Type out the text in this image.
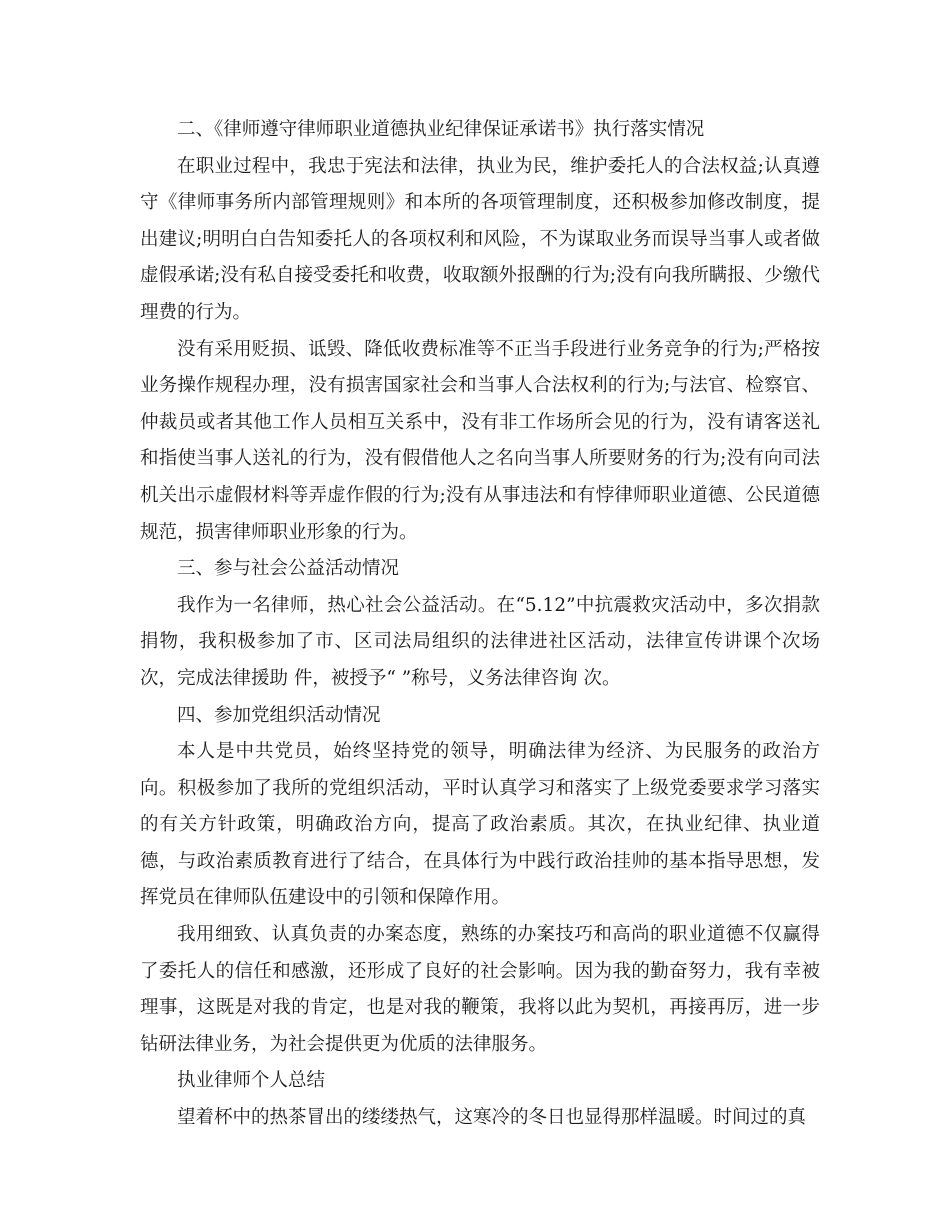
二、《律师遵守律师职业道德执业纪律保证承诺书》执行落实情况

在职业过程中，我忠于宪法和法律，执业为民，维护委托人的合法权益;认真遵守《律师事务所内部管理规则》和本所的各项管理制度，还积极参加修改制度，提出建议;明明白白告知委托人的各项权利和风险，不为谋取业务而误导当事人或者做虚假承诺;没有私自接受委托和收费，收取额外报酬的行为;没有向我所瞒报、少缴代理费的行为。

没有采用贬损、诋毁、降低收费标准等不正当手段进行业务竞争的行为;严格按业务操作规程办理，没有损害国家社会和当事人合法权利的行为;与法官、检察官、仲裁员或者其他工作人员相互关系中，没有非工作场所会见的行为，没有请客送礼和指使当事人送礼的行为，没有假借他人之名向当事人所要财务的行为;没有向司法机关出示虚假材料等弄虚作假的行为;没有从事违法和有悖律师职业道德、公民道德规范，损害律师职业形象的行为。

三、参与社会公益活动情况

我作为一名律师，热心社会公益活动。在“5.12”中抗震救灾活动中，多次捐款捐物，我积极参加了市、区司法局组织的法律进社区活动，法律宣传讲课个次场次，完成法律援助 件，被授予“ ”称号，义务法律咨询 次。

四、参加党组织活动情况

本人是中共党员，始终坚持党的领导，明确法律为经济、为民服务的政治方向。积极参加了我所的党组织活动，平时认真学习和落实了上级党委要求学习落实的有关方针政策，明确政治方向，提高了政治素质。其次，在执业纪律、执业道德，与政治素质教育进行了结合，在具体行为中践行政治挂帅的基本指导思想，发挥党员在律师队伍建设中的引领和保障作用。

我用细致、认真负责的办案态度，熟练的办案技巧和高尚的职业道德不仅赢得了委托人的信任和感激，还形成了良好的社会影响。因为我的勤奋努力，我有幸被理事，这既是对我的肯定，也是对我的鞭策，我将以此为契机，再接再厉，进一步钻研法律业务，为社会提供更为优质的法律服务。

执业律师个人总结

望着杯中的热茶冒出的缕缕热气，这寒冷的冬日也显得那样温暖。时间过的真
